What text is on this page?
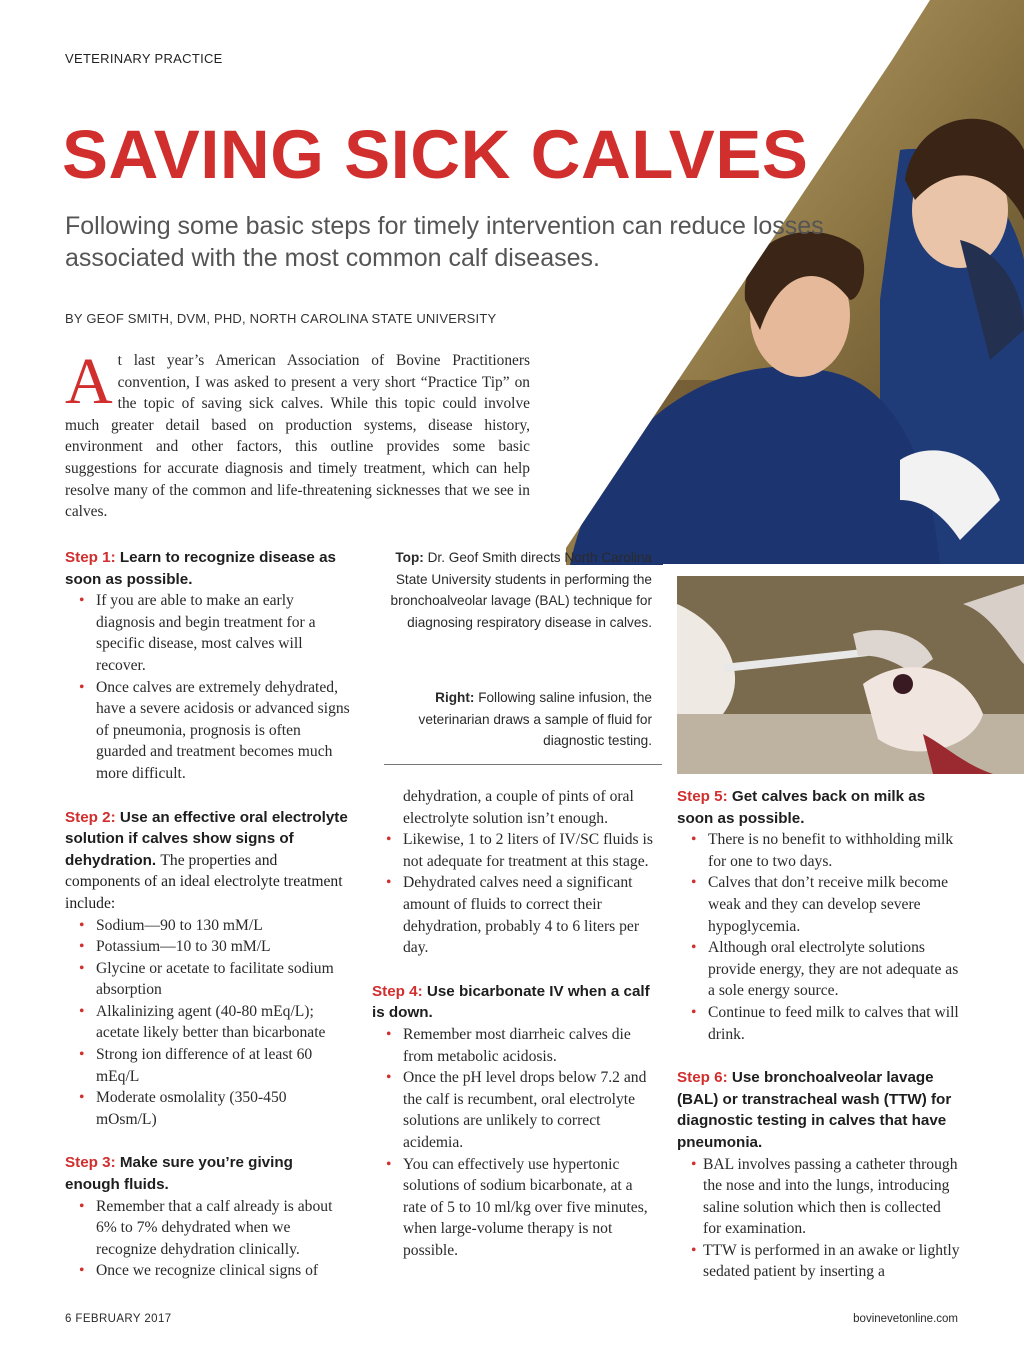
VETERINARY PRACTICE
SAVING SICK CALVES
Following some basic steps for timely intervention can reduce losses associated with the most common calf diseases.
BY GEOF SMITH, DVM, PHD, NORTH CAROLINA STATE UNIVERSITY

At last year’s American Association of Bovine Practitioners convention, I was asked to present a very short “Practice Tip” on the topic of saving sick calves. While this topic could involve much greater detail based on production systems, disease history, environment and other factors, this outline provides some basic suggestions for accurate diagnosis and timely treatment, which can help resolve many of the common and life-threatening sicknesses that we see in calves.

Step 1: Learn to recognize disease as soon as possible.

• If you are able to make an early diagnosis and begin treatment for a specific disease, most calves will recover.
• Once calves are extremely dehydrated, have a severe acidosis or advanced signs of pneumonia, prognosis is often guarded and treatment becomes much more difficult.

Step 2: Use an effective oral electrolyte solution if calves show signs of dehydration. The properties and components of an ideal electrolyte treatment include:

• Sodium—90 to 130 mM/L
• Potassium—10 to 30 mM/L
• Glycine or acetate to facilitate sodium absorption
• Alkalinizing agent (40-80 mEq/L); acetate likely better than bicarbonate
• Strong ion difference of at least 60 mEq/L
• Moderate osmolality (350-450 mOsm/L)

Step 3: Make sure you’re giving enough fluids.

• Remember that a calf already is about 6% to 7% dehydrated when we recognize dehydration clinically.
• Once we recognize clinical signs of

Top: Dr. Geof Smith directs North Carolina State University students in performing the bronchoalveolar lavage (BAL) technique for diagnosing respiratory disease in calves.

Right: Following saline infusion, the veterinarian draws a sample of fluid for diagnostic testing.

dehydration, a couple of pints of oral electrolyte solution isn’t enough.

• Likewise, 1 to 2 liters of IV/SC fluids is not adequate for treatment at this stage.
• Dehydrated calves need a significant amount of fluids to correct their dehydration, probably 4 to 6 liters per day.

Step 4: Use bicarbonate IV when a calf is down.

• Remember most diarrheic calves die from metabolic acidosis.
• Once the pH level drops below 7.2 and the calf is recumbent, oral electrolyte solutions are unlikely to correct acidemia.
• You can effectively use hypertonic solutions of sodium bicarbonate, at a rate of 5 to 10 ml/kg over five minutes, when large-volume therapy is not possible.

Step 5: Get calves back on milk as soon as possible.

• There is no benefit to withholding milk for one to two days.
• Calves that don’t receive milk become weak and they can develop severe hypoglycemia.
• Although oral electrolyte solutions provide energy, they are not adequate as a sole energy source.
• Continue to feed milk to calves that will drink.

Step 6: Use bronchoalveolar lavage (BAL) or transtracheal wash (TTW) for diagnostic testing in calves that have pneumonia.

• BAL involves passing a catheter through the nose and into the lungs, introducing saline solution which then is collected for examination.
• TTW is performed in an awake or lightly sedated patient by inserting a
6 FEBRUARY 2017	bovinevetonline.com
